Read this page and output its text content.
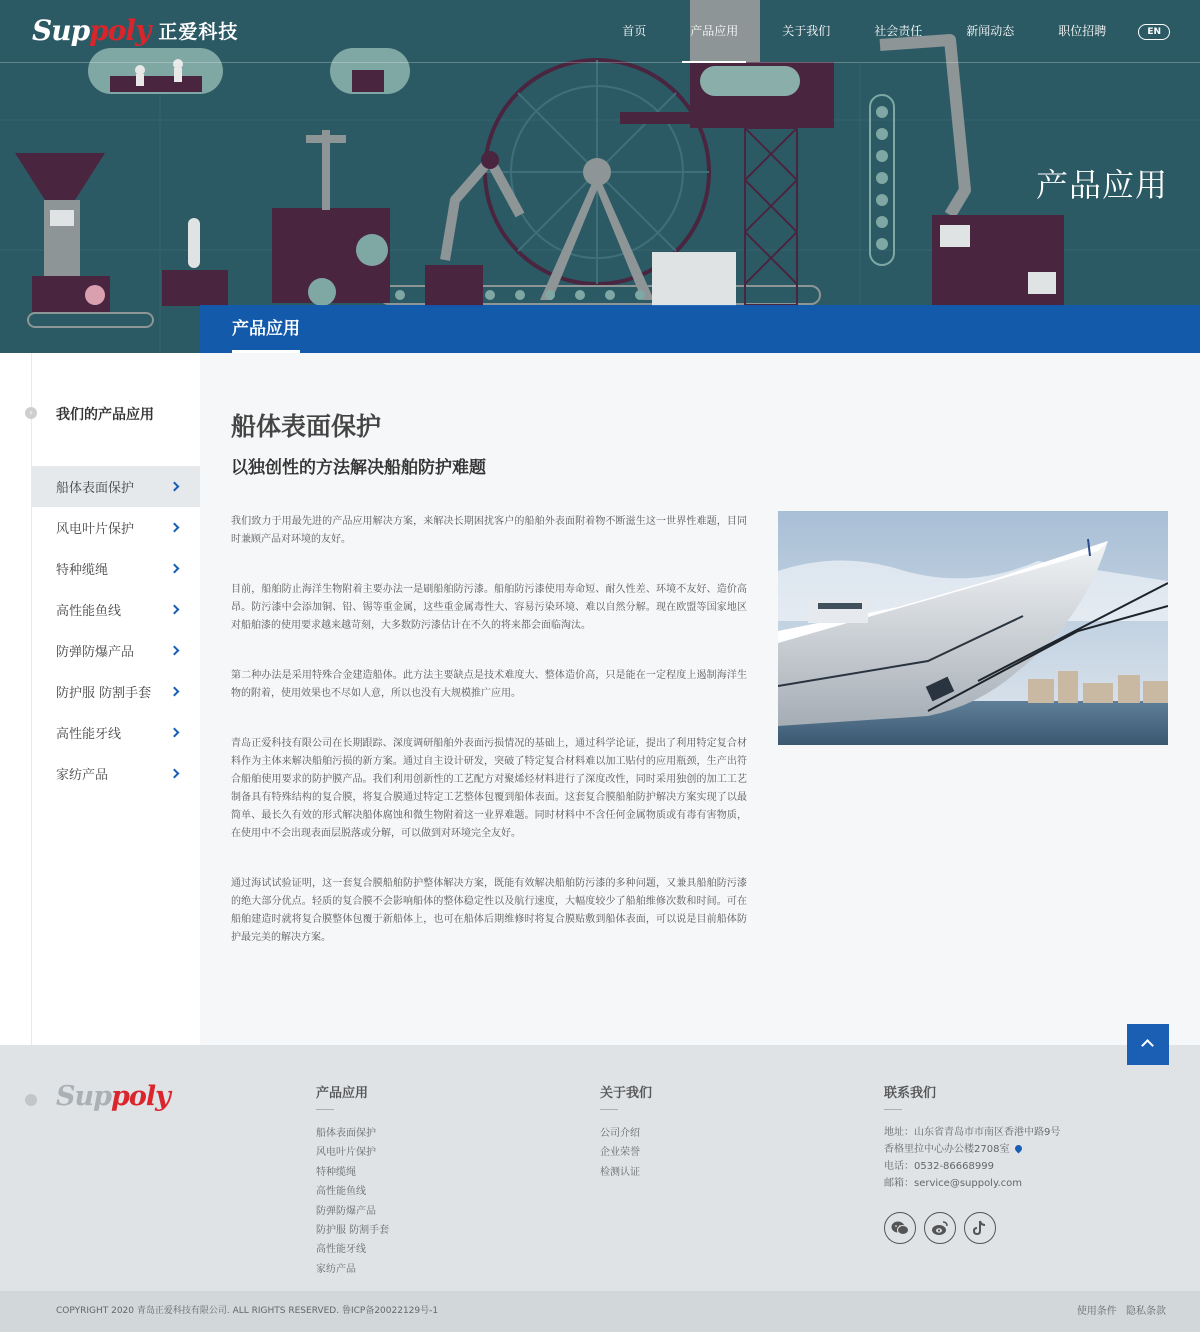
Suppoly 正爱科技	首页	产品应用	关于我们	社会责任	新闻动态	职位招聘	EN
产品应用
产品应用
›	我们的产品应用
船体表面保护
风电叶片保护
特种缆绳
高性能鱼线
防弹防爆产品
防护服 防割手套
高性能牙线
家纺产品
船体表面保护
以独创性的方法解决船舶防护难题

我们致力于用最先进的产品应用解决方案，来解决长期困扰客户的船舶外表面附着物不断滋生这一世界性难题，目同时兼顾产品对环境的友好。

目前，船舶防止海洋生物附着主要办法一是刷船舶防污漆。船舶防污漆使用寿命短、耐久性差、环境不友好、造价高昂。防污漆中会添加铜、铅、锡等重金属，这些重金属毒性大、容易污染环境、难以自然分解。现在欧盟等国家地区对船舶漆的使用要求越来越苛刻，大多数防污漆估计在不久的将来都会面临淘汰。

第二种办法是采用特殊合金建造船体。此方法主要缺点是技术难度大、整体造价高，只是能在一定程度上遏制海洋生物的附着，使用效果也不尽如人意，所以也没有大规模推广应用。

青岛正爱科技有限公司在长期跟踪、深度调研船舶外表面污损情况的基础上，通过科学论证，提出了利用特定复合材料作为主体来解决船舶污损的新方案。通过自主设计研发，突破了特定复合材料难以加工贴付的应用瓶颈，生产出符合船舶使用要求的防护膜产品。我们利用创新性的工艺配方对聚烯烃材料进行了深度改性，同时采用独创的加工工艺制备具有特殊结构的复合膜，将复合膜通过特定工艺整体包覆到船体表面。这套复合膜船舶防护解决方案实现了以最简单、最长久有效的形式解决船体腐蚀和微生物附着这一业界难题。同时材料中不含任何金属物质或有毒有害物质，在使用中不会出现表面层脱落或分解，可以做到对环境完全友好。

通过海试试验证明，这一套复合膜船舶防护整体解决方案，既能有效解决船舶防污漆的多种问题，又兼具船舶防污漆的绝大部分优点。轻质的复合膜不会影响船体的整体稳定性以及航行速度，大幅度较少了船舶维修次数和时间。可在船舶建造时就将复合膜整体包覆于新船体上，也可在船体后期维修时将复合膜贴敷到船体表面，可以说是目前船体防护最完美的解决方案。

Suppoly	产品应用
船体表面保护
风电叶片保护
特种缆绳
高性能鱼线
防弹防爆产品
防护服 防割手套
高性能牙线
家纺产品
关于我们
公司介绍
企业荣誉
检测认证
联系我们
地址：山东省青岛市市南区香港中路9号
香格里拉中心办公楼2708室
电话：0532-86668999
邮箱：service@suppoly.com
COPYRIGHT 2020 青岛正爱科技有限公司. ALL RIGHTS RESERVED. 鲁ICP备20022129号-1	使用条件 隐私条款
